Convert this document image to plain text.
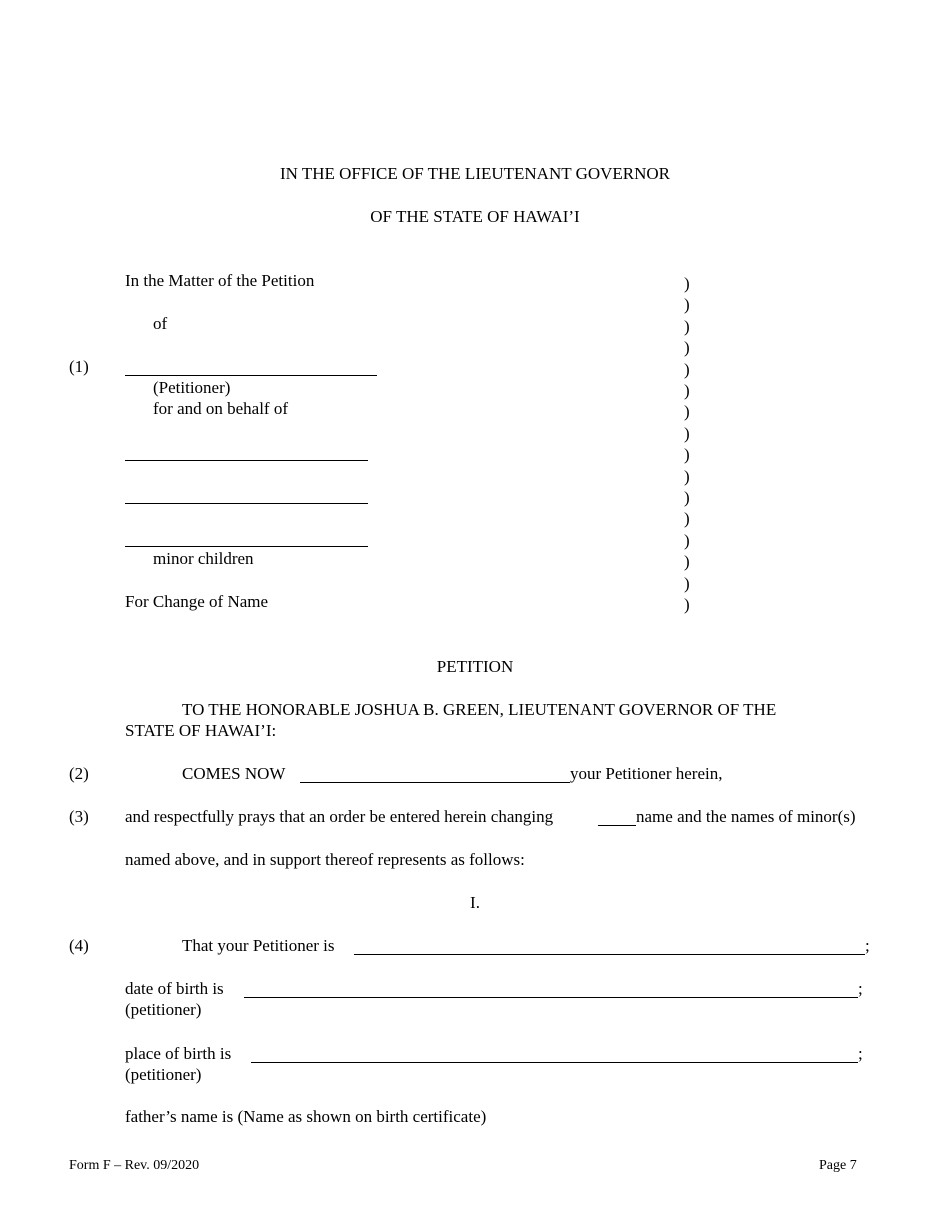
IN THE OFFICE OF THE LIEUTENANT GOVERNOR
OF THE STATE OF HAWAI’I
In the Matter of the Petition
of
(1)
(Petitioner)
for and on behalf of
minor children
For Change of Name
)
)
)
)
)
)
)
)
)
)
)
)
)
)
)
)
PETITION
TO THE HONORABLE JOSHUA B. GREEN, LIEUTENANT GOVERNOR OF THE
STATE OF HAWAI’I:
(2)	COMES NOW	your Petitioner herein,
(3) and respectfully prays that an order be entered herein changing	name and the names of minor(s)
named above, and in support thereof represents as follows:
I.
(4)	That your Petitioner is	;
date of birth is	;
(petitioner)
place of birth is	;
(petitioner)
father’s name is (Name as shown on birth certificate)
Form F – Rev. 09/2020	Page 7
